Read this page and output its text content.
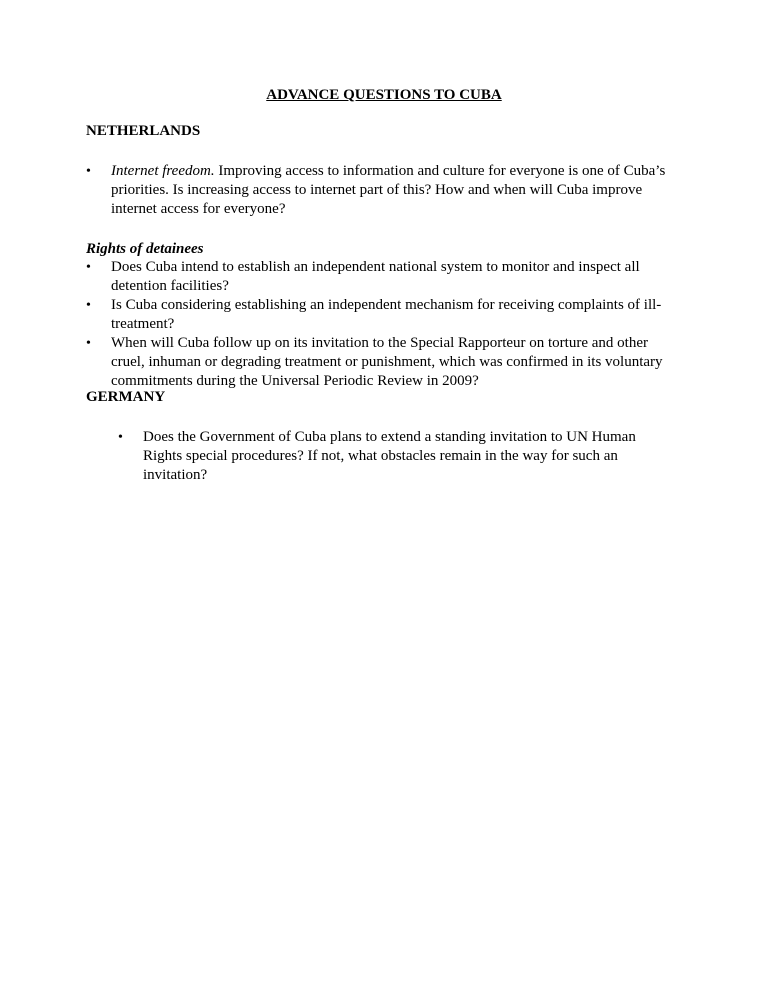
ADVANCE QUESTIONS TO CUBA
NETHERLANDS
• Internet freedom. Improving access to information and culture for everyone is one of Cuba’s priorities. Is increasing access to internet part of this? How and when will Cuba improve internet access for everyone?
Rights of detainees
• Does Cuba intend to establish an independent national system to monitor and inspect all detention facilities?
• Is Cuba considering establishing an independent mechanism for receiving complaints of ill-treatment?
• When will Cuba follow up on its invitation to the Special Rapporteur on torture and other cruel, inhuman or degrading treatment or punishment, which was confirmed in its voluntary commitments during the Universal Periodic Review in 2009?
GERMANY
• Does the Government of Cuba plans to extend a standing invitation to UN Human Rights special procedures? If not, what obstacles remain in the way for such an invitation?
